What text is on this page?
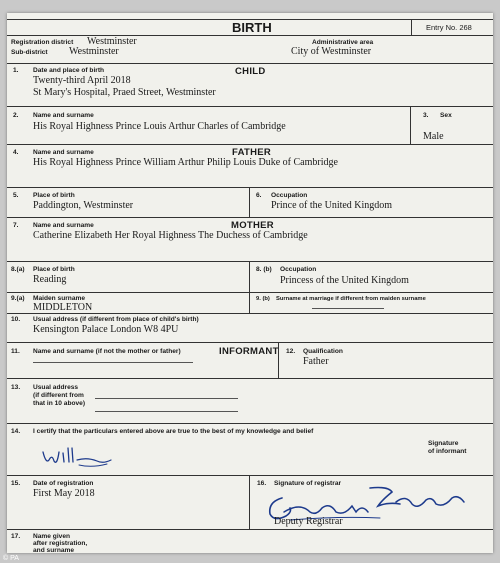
BIRTH	Entry No. 268
Registration district Westminster	Administrative area
Sub-district Westminster	City of Westminster
1. Date and place of birth	CHILD
Twenty-third April 2018
St Mary's Hospital, Praed Street, Westminster
2. Name and surname
His Royal Highness Prince Louis Arthur Charles of Cambridge
3. Sex
Male
4. Name and surname	FATHER
His Royal Highness Prince William Arthur Philip Louis Duke of Cambridge
5. Place of birth
Paddington, Westminster
6. Occupation
Prince of the United Kingdom
7. Name and surname	MOTHER
Catherine Elizabeth Her Royal Highness The Duchess of Cambridge
8.(a) Place of birth
Reading
8. (b) Occupation
Princess of the United Kingdom
9.(a) Maiden surname
MIDDLETON
9. (b) Surname at marriage if different from maiden surname
10. Usual address (if different from place of child's birth)
Kensington Palace London W8 4PU
11. Name and surname (if not the mother or father)	INFORMANT 12. Qualification
Father
13. Usual address
(if different from
that in 10 above)
14. I certify that the particulars entered above are true to the best of my knowledge and belief
Signature
of informant
15. Date of registration
First May 2018
16. Signature of registrar
Deputy Registrar
17. Name given
after registration,
and surname
© PA
